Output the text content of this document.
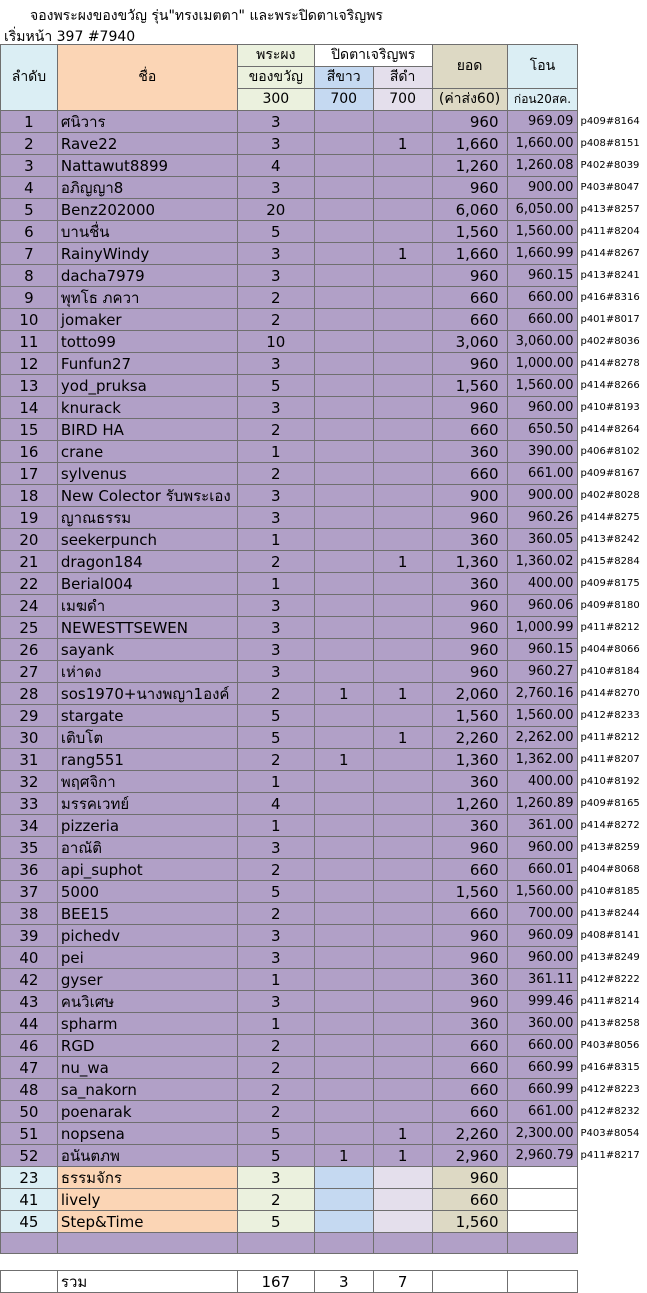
จองพระผงของขวัญ รุ่น"ทรงเมตตา" และพระปิดตาเจริญพร
เริ่มหน้า 397 #7940
ลำดับ	ชื่อ	พระผง	ปิดตาเจริญพร		ยอด	โอน	
		ของขวัญ	สีขาว	สีดำ			
		300	700	700	(ค่าส่ง60)	ก่อน20สค.	
1	ศนิวาร	3			960	969.09	p409#8164
2	Rave22	3		1	1,660	1,660.00	p408#8151
3	Nattawut8899	4			1,260	1,260.08	P402#8039
4	อภิญญา8	3			960	900.00	P403#8047
5	Benz202000	20			6,060	6,050.00	p413#8257
6	บานชื่น	5			1,560	1,560.00	p411#8204
7	RainyWindy	3		1	1,660	1,660.99	p414#8267
8	dacha7979	3			960	960.15	p413#8241
9	พุทโธ ภควา	2			660	660.00	p416#8316
10	jomaker	2			660	660.00	p401#8017
11	totto99	10			3,060	3,060.00	p402#8036
12	Funfun27	3			960	1,000.00	p414#8278
13	yod_pruksa	5			1,560	1,560.00	p414#8266
14	knurack	3			960	960.00	p410#8193
15	BIRD HA	2			660	650.50	p414#8264
16	crane	1			360	390.00	p406#8102
17	sylvenus	2			660	661.00	p409#8167
18	New Colector รับพระเอง	3			900	900.00	p402#8028
19	ญาณธรรม	3			960	960.26	p414#8275
20	seekerpunch	1			360	360.05	p413#8242
21	dragon184	2		1	1,360	1,360.02	p415#8284
22	Berial004	1			360	400.00	p409#8175
24	เมฆดำ	3			960	960.06	p409#8180
25	NEWESTTSEWEN	3			960	1,000.99	p411#8212
26	sayank	3			960	960.15	p404#8066
27	เห่าดง	3			960	960.27	p410#8184
28	sos1970+นางพญา1องค์	2	1	1	2,060	2,760.16	p414#8270
29	stargate	5			1,560	1,560.00	p412#8233
30	เติบโต	5		1	2,260	2,262.00	p411#8212
31	rang551	2	1		1,360	1,362.00	p411#8207
32	พฤศจิกา	1			360	400.00	p410#8192
33	มรรคเวทย์	4			1,260	1,260.89	p409#8165
34	pizzeria	1			360	361.00	p414#8272
35	อาณัติ	3			960	960.00	p413#8259
36	api_suphot	2			660	660.01	p404#8068
37	5000	5			1,560	1,560.00	p410#8185
38	BEE15	2			660	700.00	p413#8244
39	pichedv	3			960	960.09	p408#8141
40	pei	3			960	960.00	p413#8249
42	gyser	1			360	361.11	p412#8222
43	คนวิเศษ	3			960	999.46	p411#8214
44	spharm	1			360	360.00	p413#8258
46	RGD	2			660	660.00	P403#8056
47	nu_wa	2			660	660.99	p416#8315
48	sa_nakorn	2			660	660.99	p412#8223
50	poenarak	2			660	661.00	p412#8232
51	nopsena	5		1	2,260	2,300.00	P403#8054
52	อนันตภพ	5	1	1	2,960	2,960.79	p411#8217
23	ธรรมจักร	3			960		
41	lively	2			660		
45	Step&Time	5			1,560		

	รวม	167	3	7			
